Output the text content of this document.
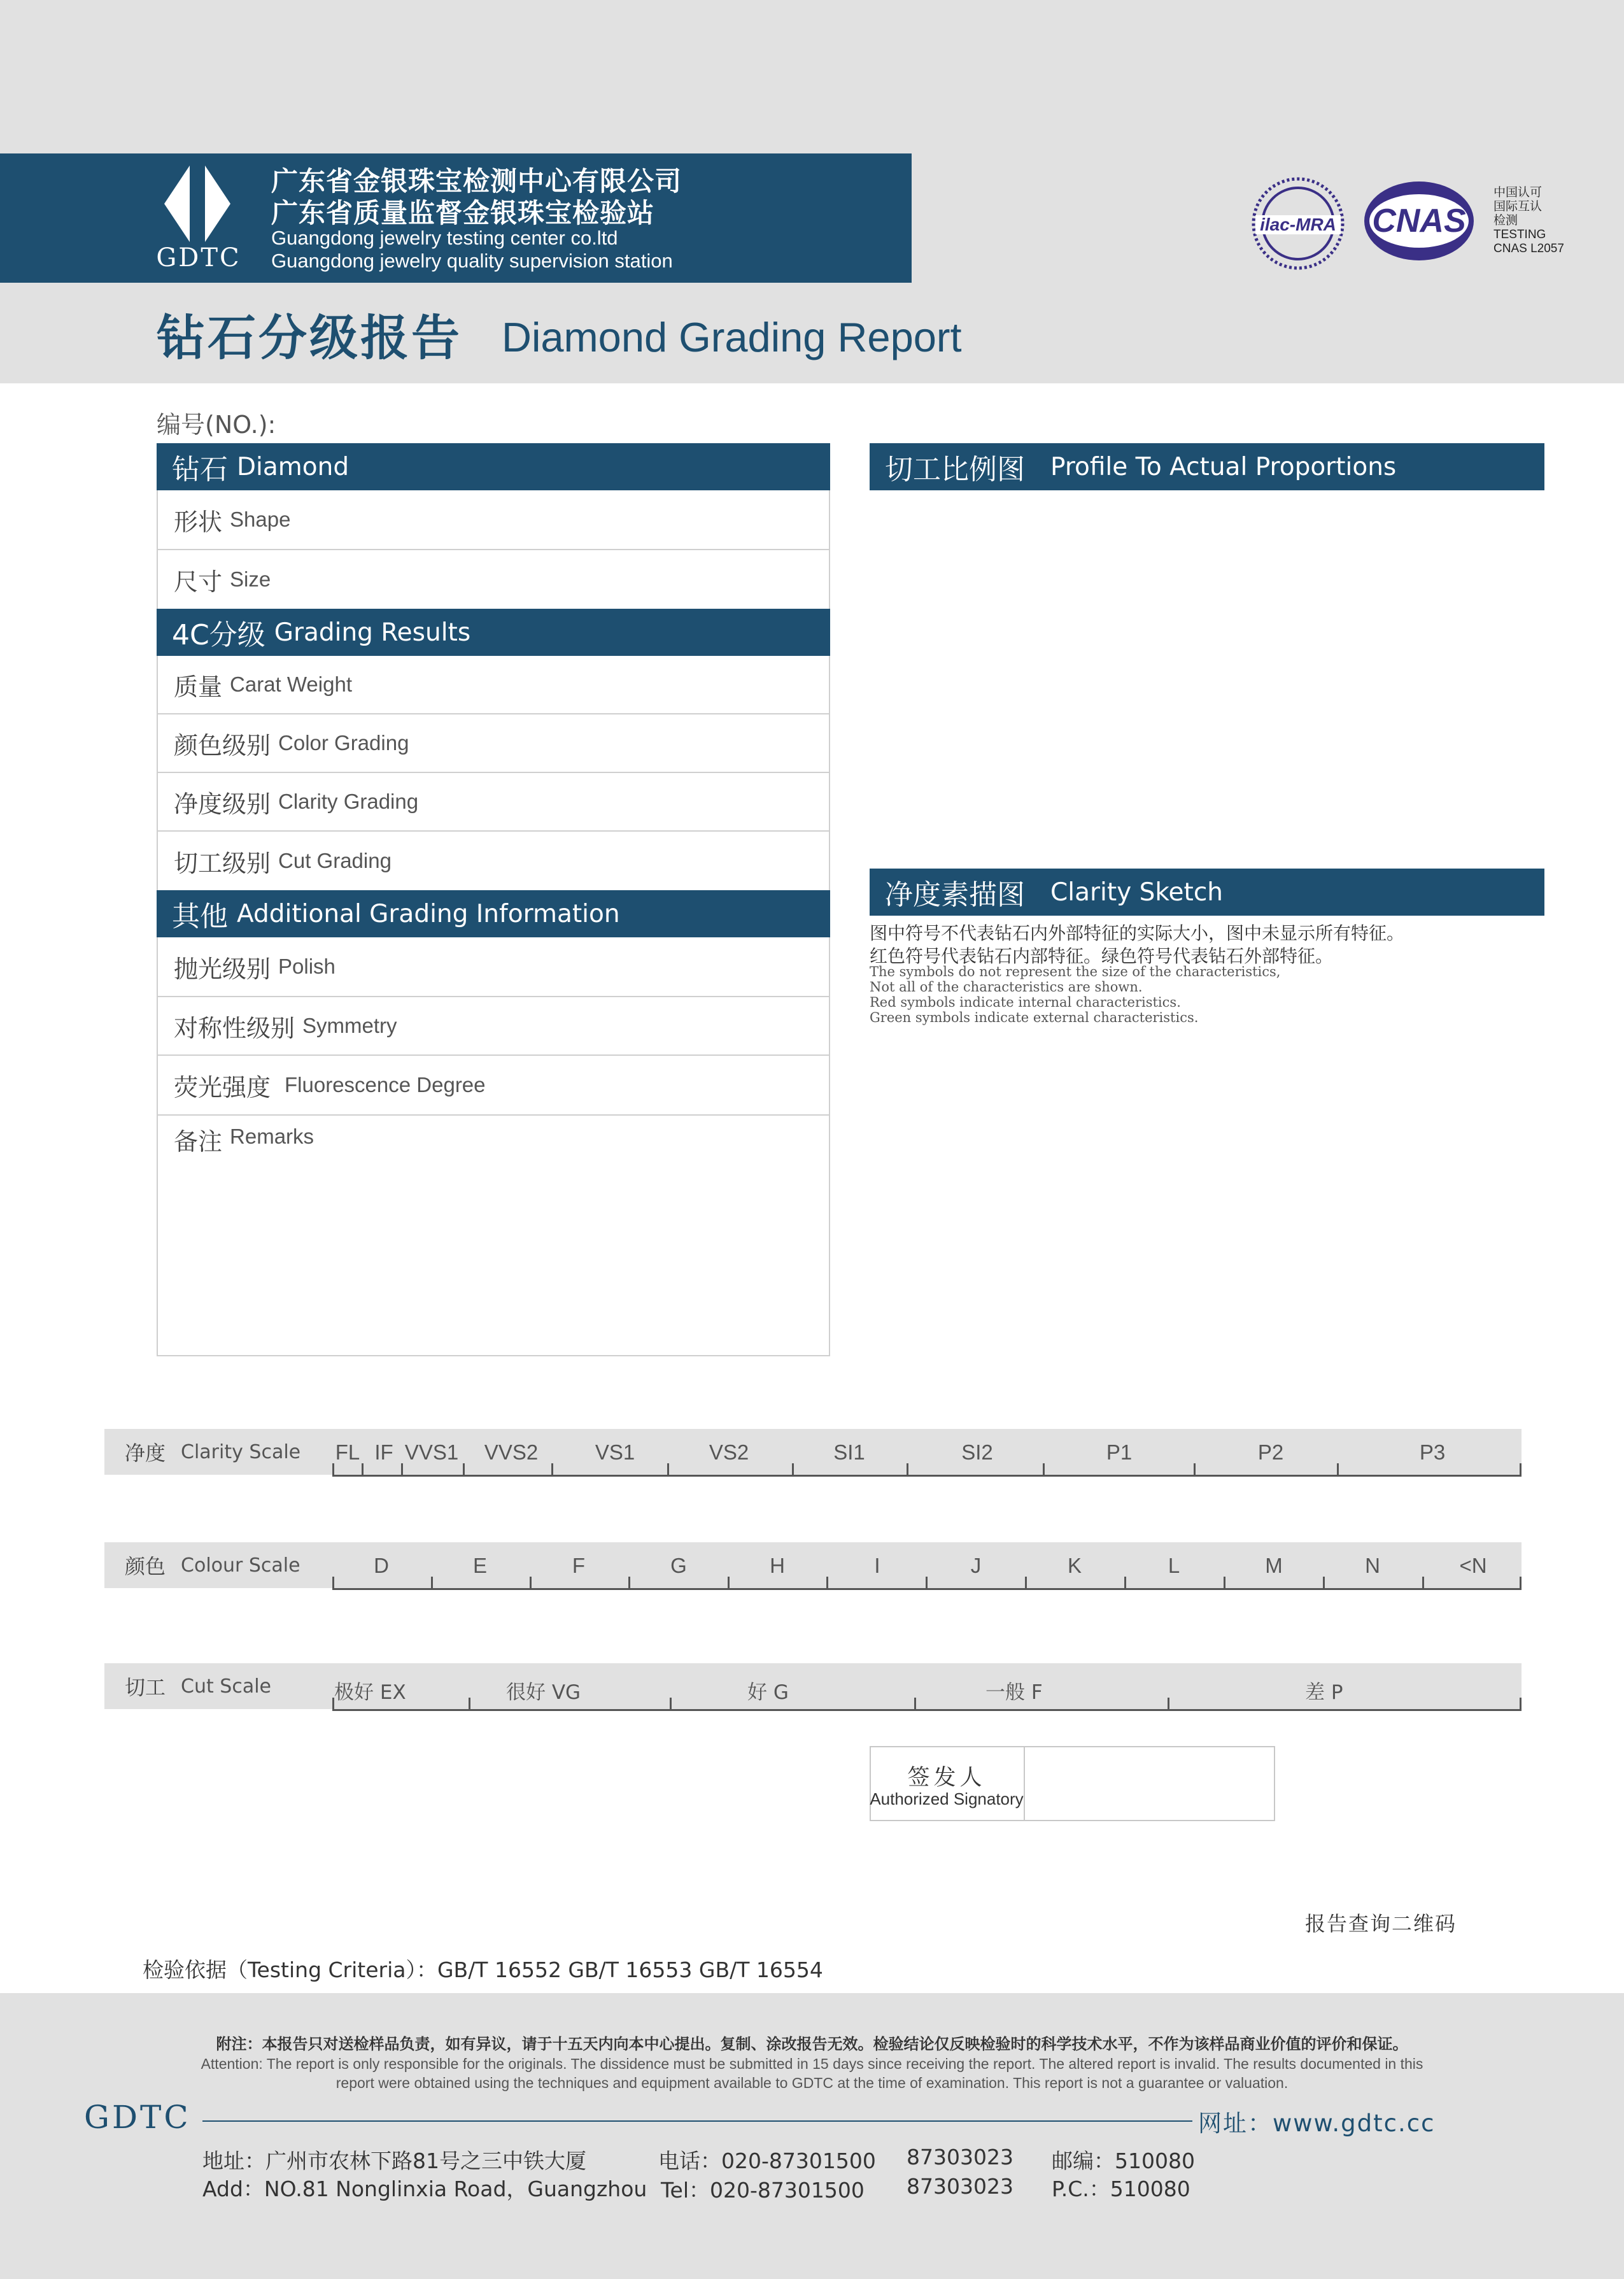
GDTC
广东省金银珠宝检测中心有限公司
广东省质量监督金银珠宝检验站
Guangdong jewelry testing center co.ltd
Guangdong jewelry quality supervision station
ilac-MRA CNAS
中国认可
国际互认
检测
TESTING
CNAS L2057
钻石分级报告 Diamond Grading Report
编号(NO.):
钻石 Diamond
形状 Shape
尺寸 Size
4C分级 Grading Results
质量 Carat Weight
颜色级别 Color Grading
净度级别 Clarity Grading
切工级别 Cut Grading
其他 Additional Grading Information
抛光级别 Polish
对称性级别 Symmetry
荧光强度 Fluorescence Degree
备注 Remarks
切工比例图 Profile To Actual Proportions
净度素描图 Clarity Sketch
图中符号不代表钻石内外部特征的实际大小，图中未显示所有特征。
红色符号代表钻石内部特征。绿色符号代表钻石外部特征。
The symbols do not represent the size of the characteristics,
Not all of the characteristics are shown.
Red symbols indicate internal characteristics.
Green symbols indicate external characteristics.
净度 Clarity Scale FL IF VVS1 VVS2	VS1	VS2	SI1	SI2	P1	P2	P3
颜色 Colour Scale	D	E	F	G	H	I	J	K	L	M	N	<N
切工 Cut Scale	极好 EX	很好 VG	好 G	一般 F	差 P
签发人
Authorized Signatory
报告查询二维码
检验依据（Testing Criteria）：GB/T 16552 GB/T 16553 GB/T 16554
附注：本报告只对送检样品负责，如有异议，请于十五天内向本中心提出。复制、涂改报告无效。检验结论仅反映检验时的科学技术水平，不作为该样品商业价值的评价和保证。
Attention: The report is only responsible for the originals. The dissidence must be submitted in 15 days since receiving the report. The altered report is invalid. The results documented in this
report were obtained using the techniques and equipment available to GDTC at the time of examination. This report is not a guarantee or valuation.
GDTC	网址：www.gdtc.cc
地址：广州市农林下路81号之三中铁大厦
Add：NO.81 Nonglinxia Road，Guangzhou
电话：020-87301500
Tel：020-87301500
87303023
87303023
邮编：510080
P.C.：510080
